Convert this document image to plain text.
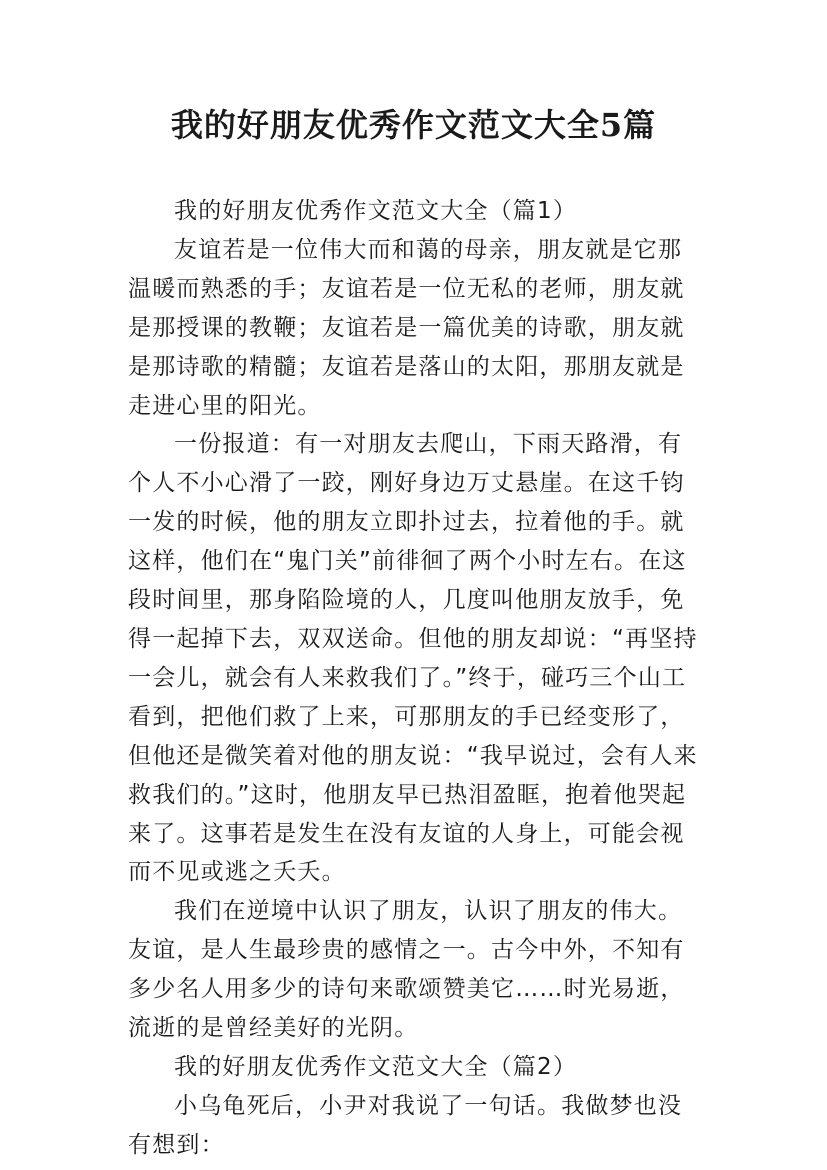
我的好朋友优秀作文范文大全5篇

我的好朋友优秀作文范文大全（篇1）

友谊若是一位伟大而和蔼的母亲，朋友就是它那温暖而熟悉的手；友谊若是一位无私的老师，朋友就是那授课的教鞭；友谊若是一篇优美的诗歌，朋友就是那诗歌的精髓；友谊若是落山的太阳，那朋友就是走进心里的阳光。

一份报道：有一对朋友去爬山，下雨天路滑，有个人不小心滑了一跤，刚好身边万丈悬崖。在这千钧一发的时候，他的朋友立即扑过去，拉着他的手。就这样，他们在“鬼门关”前徘徊了两个小时左右。在这段时间里，那身陷险境的人，几度叫他朋友放手，免得一起掉下去，双双送命。但他的朋友却说：“再坚持一会儿，就会有人来救我们了。”终于，碰巧三个山工看到，把他们救了上来，可那朋友的手已经变形了，但他还是微笑着对他的朋友说：“我早说过，会有人来救我们的。”这时，他朋友早已热泪盈眶，抱着他哭起来了。这事若是发生在没有友谊的人身上，可能会视而不见或逃之夭夭。

我们在逆境中认识了朋友，认识了朋友的伟大。友谊，是人生最珍贵的感情之一。古今中外，不知有多少名人用多少的诗句来歌颂赞美它……时光易逝，流逝的是曾经美好的光阴。

我的好朋友优秀作文范文大全（篇2）

小乌龟死后，小尹对我说了一句话。我做梦也没有想到：
